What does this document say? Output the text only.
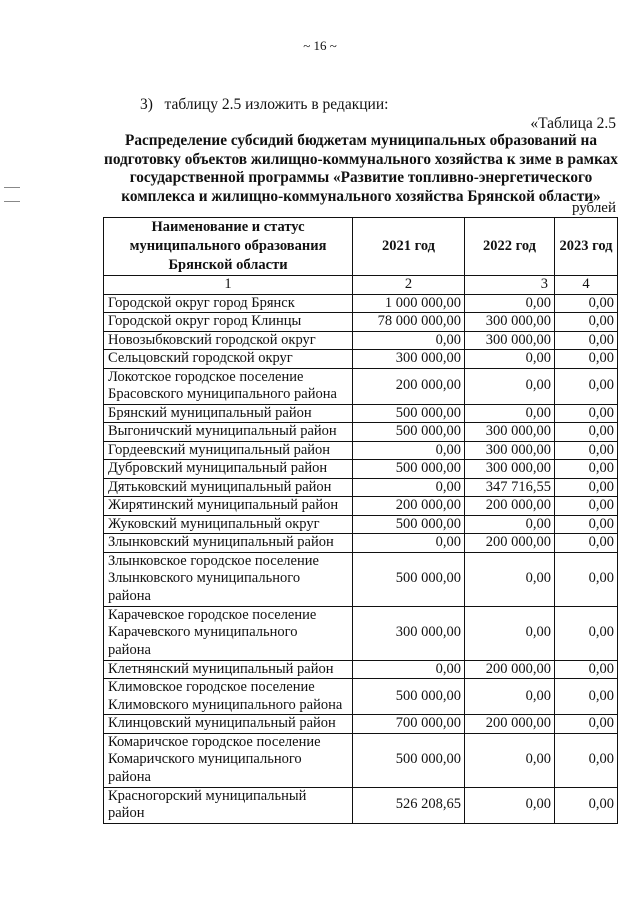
~ 16 ~
3)   таблицу 2.5 изложить в редакции:
«Таблица 2.5
Распределение субсидий бюджетам муниципальных образований на
подготовку объектов жилищно-коммунального хозяйства к зиме в рамках
государственной программы «Развитие топливно-энергетического
комплекса и жилищно-коммунального хозяйства Брянской области»
рублей
Наименование и статус
муниципального образования
Брянской области	2021 год	2022 год	2023 год
1	2	3	4

Городской округ город Брянск	1 000 000,00	0,00	0,00

Городской округ город Клинцы	78 000 000,00	300 000,00	0,00

Новозыбковский городской округ	0,00	300 000,00	0,00

Сельцовский городской округ	300 000,00	0,00	0,00

Локотское городское поселение
Брасовского муниципального района	200 000,00	0,00	0,00

Брянский муниципальный район	500 000,00	0,00	0,00

Выгоничский муниципальный район	500 000,00	300 000,00	0,00

Гордеевский муниципальный район	0,00	300 000,00	0,00

Дубровский муниципальный район	500 000,00	300 000,00	0,00

Дятьковский муниципальный район	0,00	347 716,55	0,00

Жирятинский муниципальный район	200 000,00	200 000,00	0,00

Жуковский муниципальный округ	500 000,00	0,00	0,00

Злынковский муниципальный район	0,00	200 000,00	0,00

Злынковское городское поселение
Злынковского муниципального
района	500 000,00	0,00	0,00

Карачевское городское поселение
Карачевского муниципального
района	300 000,00	0,00	0,00

Клетнянский муниципальный район	0,00	200 000,00	0,00

Климовское городское поселение
Климовского муниципального района	500 000,00	0,00	0,00

Клинцовский муниципальный район	700 000,00	200 000,00	0,00

Комаричское городское поселение
Комаричского муниципального
района	500 000,00	0,00	0,00

Красногорский муниципальный
район	526 208,65	0,00	0,00
